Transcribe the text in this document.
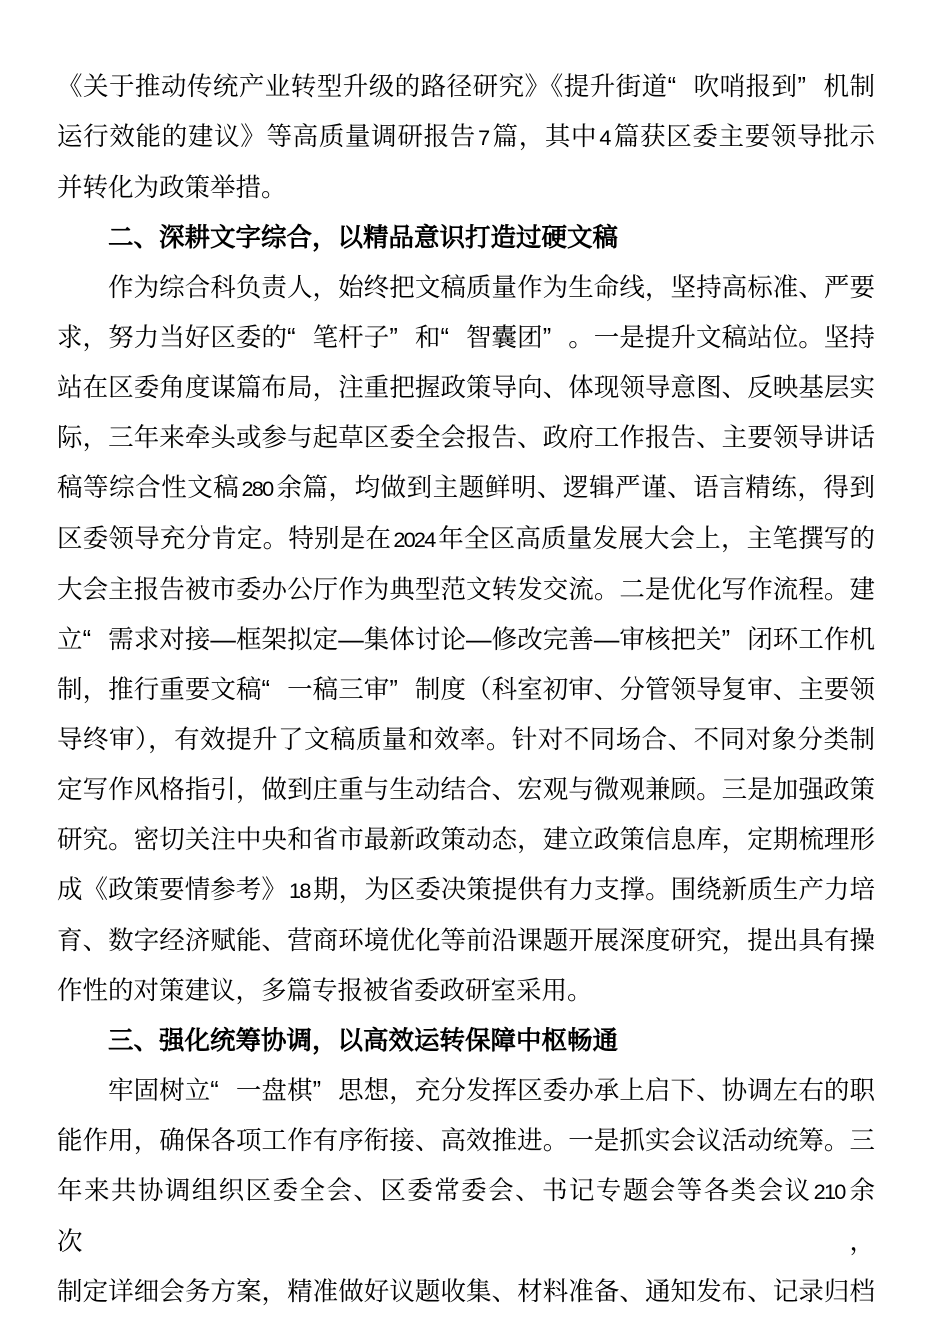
《关于推动传统产业转型升级的路径研究》《提升街道“ 吹哨报到” 机制
运行效能的建议》等高质量调研报告7 篇，其中4 篇获区委主要领导批示
并转化为政策举措。
二、深耕文字综合，以精品意识打造过硬文稿
作为综合科负责人，始终把文稿质量作为生命线，坚持高标准、严要
求，努力当好区委的“ 笔杆子” 和“ 智囊团” 。一是提升文稿站位。坚持
站在区委角度谋篇布局，注重把握政策导向、体现领导意图、反映基层实
际，三年来牵头或参与起草区委全会报告、政府工作报告、主要领导讲话
稿等综合性文稿280 余篇，均做到主题鲜明、逻辑严谨、语言精练，得到
区委领导充分肯定。特别是在2024 年全区高质量发展大会上，主笔撰写的
大会主报告被市委办公厅作为典型范文转发交流。二是优化写作流程。建
立“ 需求对接—框架拟定—集体讨论—修改完善—审核把关” 闭环工作机
制，推行重要文稿“ 一稿三审” 制度（科室初审、分管领导复审、主要领
导终审），有效提升了文稿质量和效率。针对不同场合、不同对象分类制
定写作风格指引，做到庄重与生动结合、宏观与微观兼顾。三是加强政策
研究。密切关注中央和省市最新政策动态，建立政策信息库，定期梳理形
成《政策要情参考》18 期，为区委决策提供有力支撑。围绕新质生产力培
育、数字经济赋能、营商环境优化等前沿课题开展深度研究，提出具有操
作性的对策建议，多篇专报被省委政研室采用。
三、强化统筹协调，以高效运转保障中枢畅通
牢固树立“ 一盘棋” 思想，充分发挥区委办承上启下、协调左右的职
能作用，确保各项工作有序衔接、高效推进。一是抓实会议活动统筹。三
年来共协调组织区委全会、区委常委会、书记专题会等各类会议210 余次，
制定详细会务方案，精准做好议题收集、材料准备、通知发布、记录归档
